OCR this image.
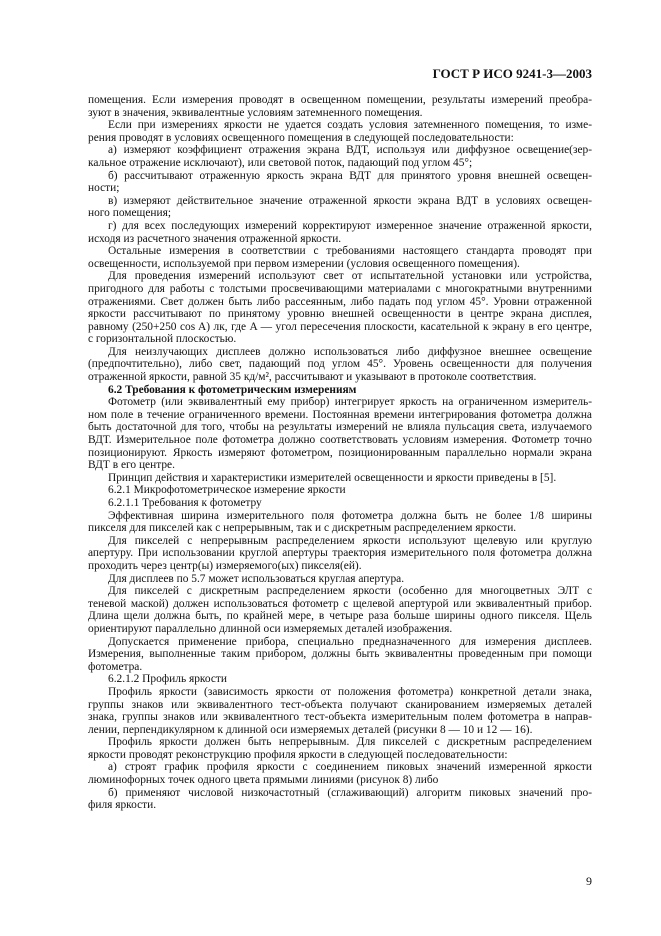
ГОСТ Р ИСО 9241-3—2003
помещения. Если измерения проводят в освещенном помещении, результаты измерений преобра-
зуют в значения, эквивалентные условиям затемненного помещения.
Если при измерениях яркости не удается создать условия затемненного помещения, то изме-
рения проводят в условиях освещенного помещения в следующей последовательности:
а) измеряют коэффициент отражения экрана ВДТ, используя или диффузное освещение(зер-
кальное отражение исключают), или световой поток, падающий под углом 45°;
б) рассчитывают отраженную яркость экрана ВДТ для принятого уровня внешней освещен-
ности;
в) измеряют действительное значение отраженной яркости экрана ВДТ в условиях освещен-
ного помещения;
г) для всех последующих измерений корректируют измеренное значение отраженной яркости,
исходя из расчетного значения отраженной яркости.
Остальные измерения в соответствии с требованиями настоящего стандарта проводят при
освещенности, используемой при первом измерении (условия освещенного помещения).
Для проведения измерений используют свет от испытательной установки или устройства,
пригодного для работы с толстыми просвечивающими материалами с многократными внутренними
отражениями. Свет должен быть либо рассеянным, либо падать под углом 45°. Уровни отраженной
яркости рассчитывают по принятому уровню внешней освещенности в центре экрана дисплея,
равному (250+250 cos A) лк, где A — угол пересечения плоскости, касательной к экрану в его центре,
с горизонтальной плоскостью.
Для неизлучающих дисплеев должно использоваться либо диффузное внешнее освещение
(предпочтительно), либо свет, падающий под углом 45°. Уровень освещенности для получения
отраженной яркости, равной 35 кд/м², рассчитывают и указывают в протоколе соответствия.
6.2 Требования к фотометрическим измерениям
Фотометр (или эквивалентный ему прибор) интегрирует яркость на ограниченном измеритель-
ном поле в течение ограниченного времени. Постоянная времени интегрирования фотометра должна
быть достаточной для того, чтобы на результаты измерений не влияла пульсация света, излучаемого
ВДТ. Измерительное поле фотометра должно соответствовать условиям измерения. Фотометр точно
позиционируют. Яркость измеряют фотометром, позиционированным параллельно нормали экрана
ВДТ в его центре.
Принцип действия и характеристики измерителей освещенности и яркости приведены в [5].
6.2.1 Микрофотометрическое измерение яркости
6.2.1.1 Требования к фотометру
Эффективная ширина измерительного поля фотометра должна быть не более 1/8 ширины
пикселя для пикселей как с непрерывным, так и с дискретным распределением яркости.
Для пикселей с непрерывным распределением яркости используют щелевую или круглую
апертуру. При использовании круглой апертуры траектория измерительного поля фотометра должна
проходить через центр(ы) измеряемого(ых) пикселя(ей).
Для дисплеев по 5.7 может использоваться круглая апертура.
Для пикселей с дискретным распределением яркости (особенно для многоцветных ЭЛТ с
теневой маской) должен использоваться фотометр с щелевой апертурой или эквивалентный прибор.
Длина щели должна быть, по крайней мере, в четыре раза больше ширины одного пикселя. Щель
ориентируют параллельно длинной оси измеряемых деталей изображения.
Допускается применение прибора, специально предназначенного для измерения дисплеев.
Измерения, выполненные таким прибором, должны быть эквивалентны проведенным при помощи
фотометра.
6.2.1.2 Профиль яркости
Профиль яркости (зависимость яркости от положения фотометра) конкретной детали знака,
группы знаков или эквивалентного тест-объекта получают сканированием измеряемых деталей
знака, группы знаков или эквивалентного тест-объекта измерительным полем фотометра в направ-
лении, перпендикулярном к длинной оси измеряемых деталей (рисунки 8 — 10 и 12 — 16).
Профиль яркости должен быть непрерывным. Для пикселей с дискретным распределением
яркости проводят реконструкцию профиля яркости в следующей последовательности:
а) строят график профиля яркости с соединением пиковых значений измеренной яркости
люминофорных точек одного цвета прямыми линиями (рисунок 8) либо
б) применяют числовой низкочастотный (сглаживающий) алгоритм пиковых значений про-
филя яркости.
9
